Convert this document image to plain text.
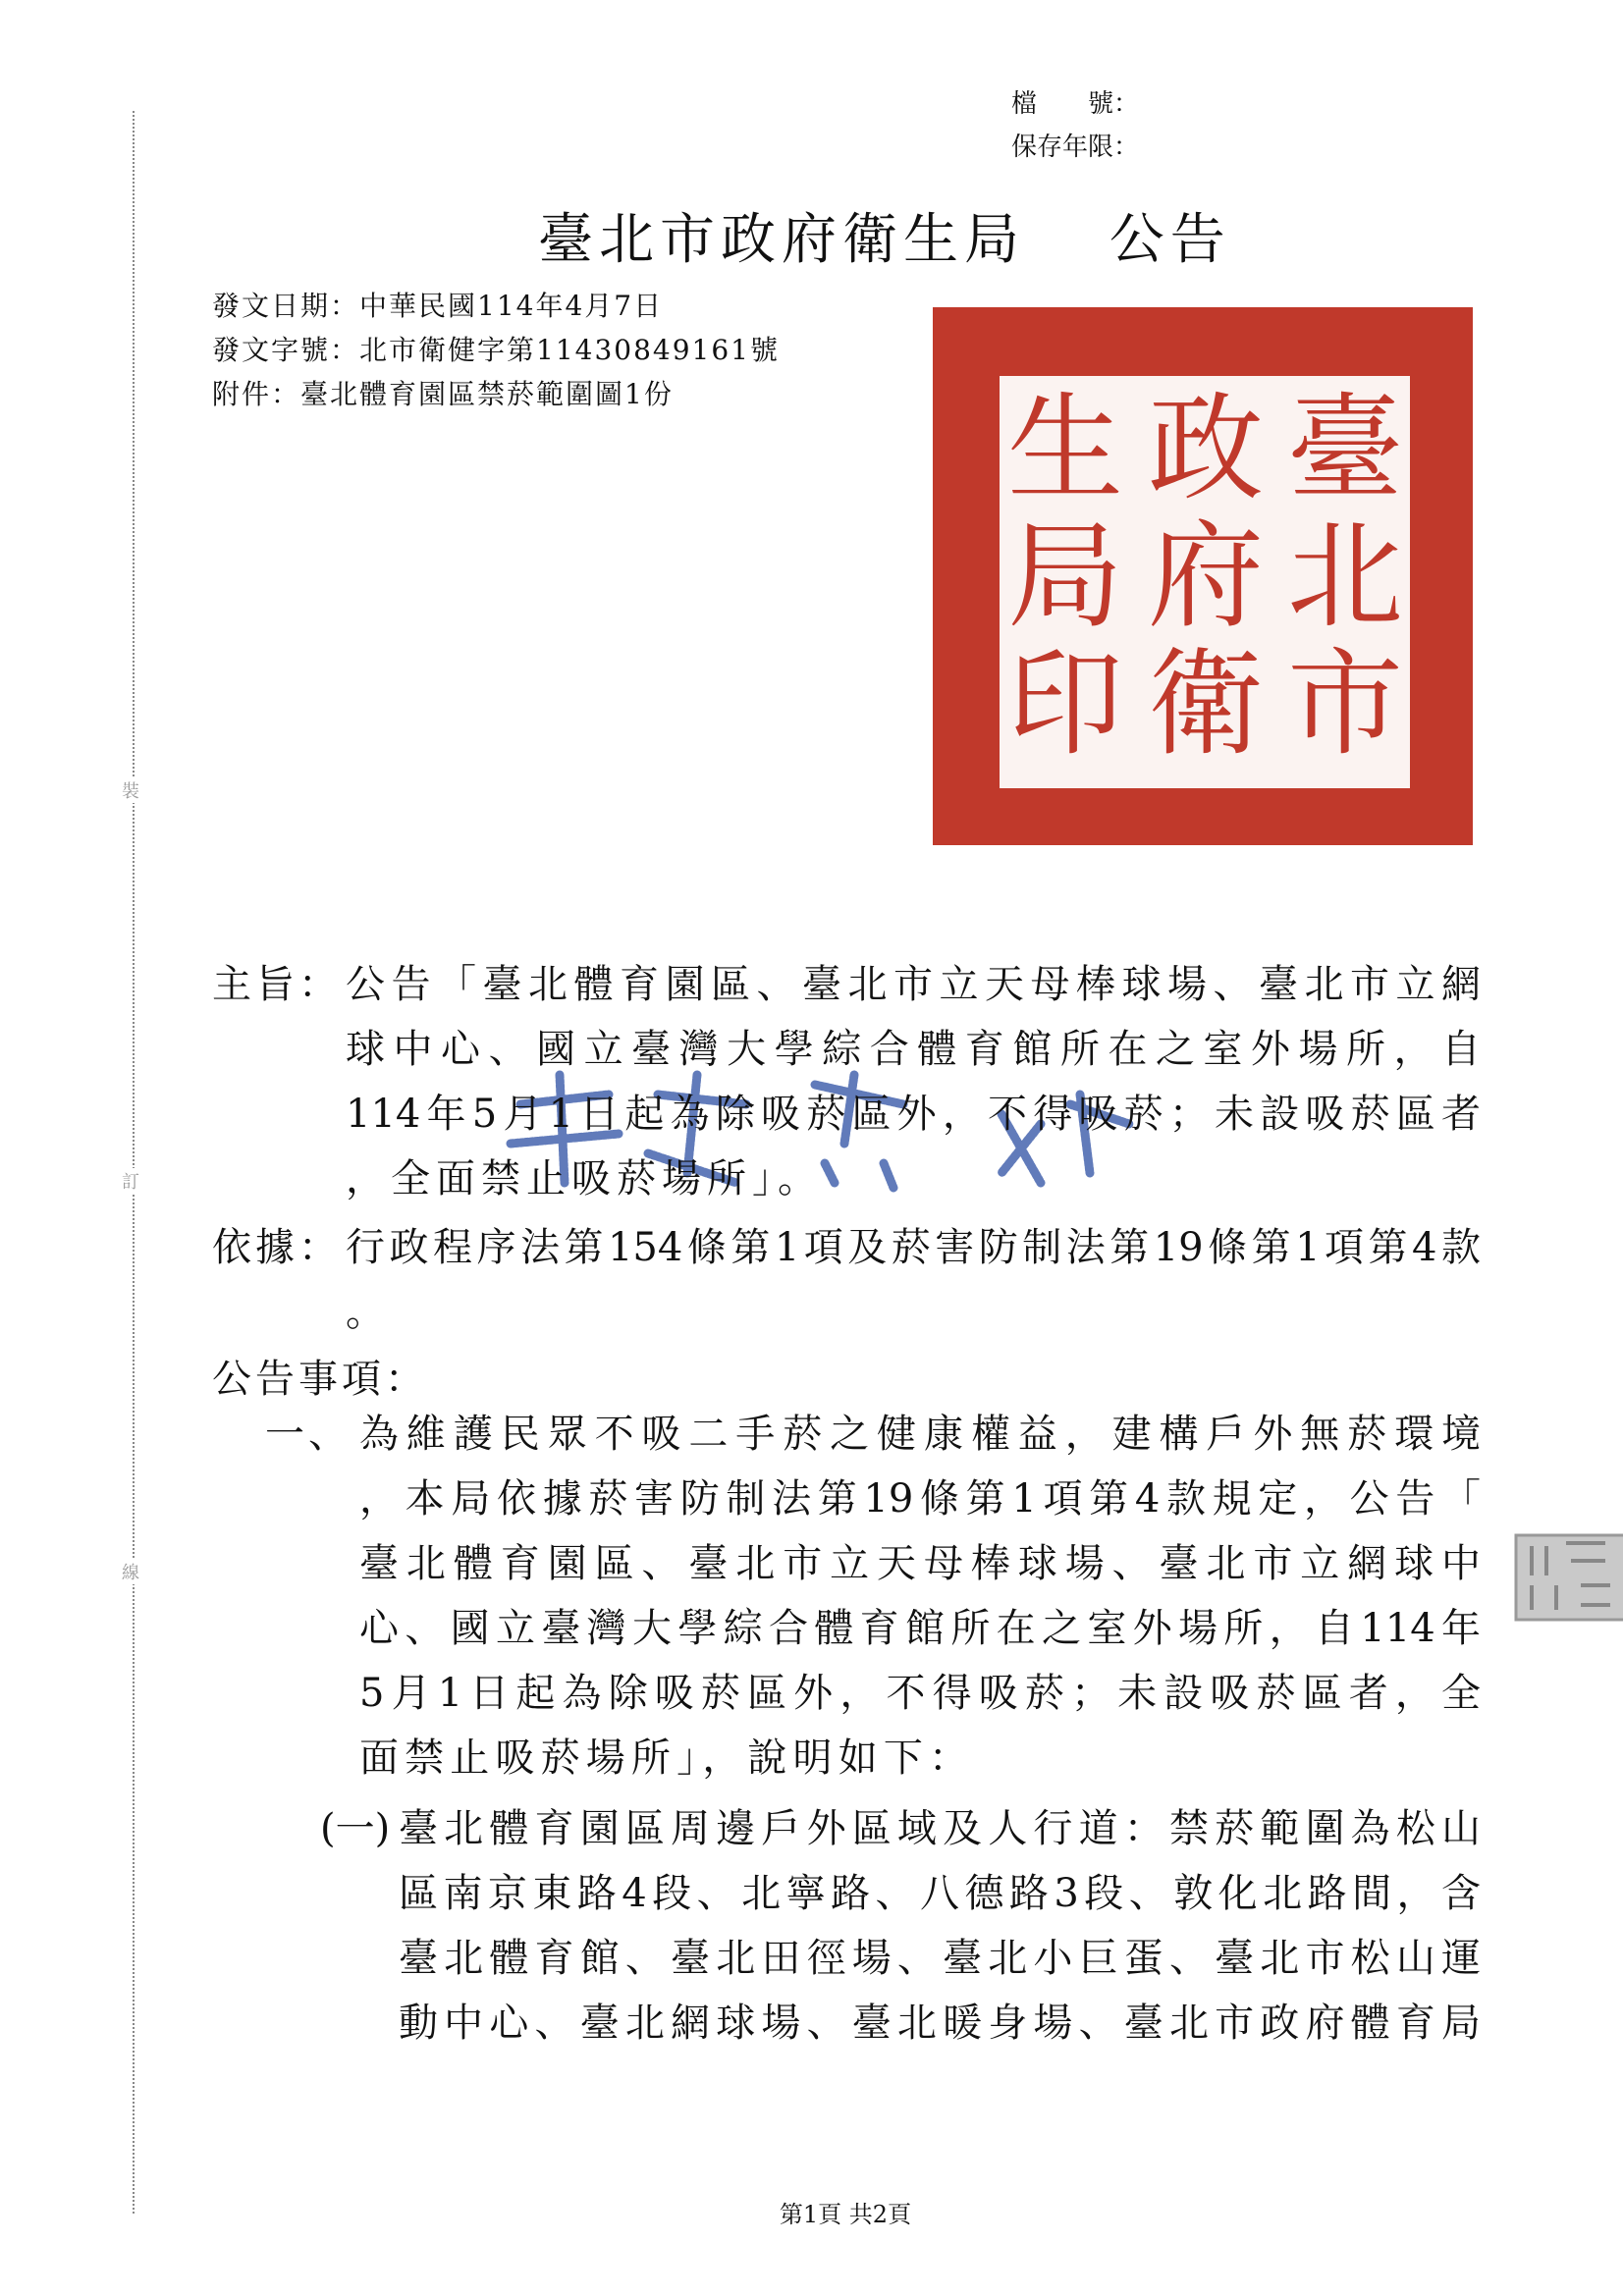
裝
訂
線
檔　　號：
保存年限：
臺北市政府衛生局　 公告
發文日期：中華民國114年4月7日
發文字號：北市衛健字第11430849161號
附件：臺北體育園區禁菸範圍圖1份	臺北市
政府衛
生局印
主旨： 公告「臺北體育園區、臺北市立天母棒球場、臺北市立網
球中心、國立臺灣大學綜合體育館所在之室外場所，自
114年5月1日起為除吸菸區外，不得吸菸；未設吸菸區者
，全面禁止吸菸場所」。
依據： 行政程序法第154條第1項及菸害防制法第19條第1項第4款
。
公告事項：
一、 為維護民眾不吸二手菸之健康權益，建構戶外無菸環境
，本局依據菸害防制法第19條第1項第4款規定，公告「
臺北體育園區、臺北市立天母棒球場、臺北市立網球中
心、國立臺灣大學綜合體育館所在之室外場所，自114年
5月1日起為除吸菸區外，不得吸菸；未設吸菸區者，全
面禁止吸菸場所」，說明如下：
(一) 臺北體育園區周邊戶外區域及人行道：禁菸範圍為松山
區南京東路4段、北寧路、八德路3段、敦化北路間，含
臺北體育館、臺北田徑場、臺北小巨蛋、臺北市松山運
動中心、臺北網球場、臺北暖身場、臺北市政府體育局
第1頁 共2頁
